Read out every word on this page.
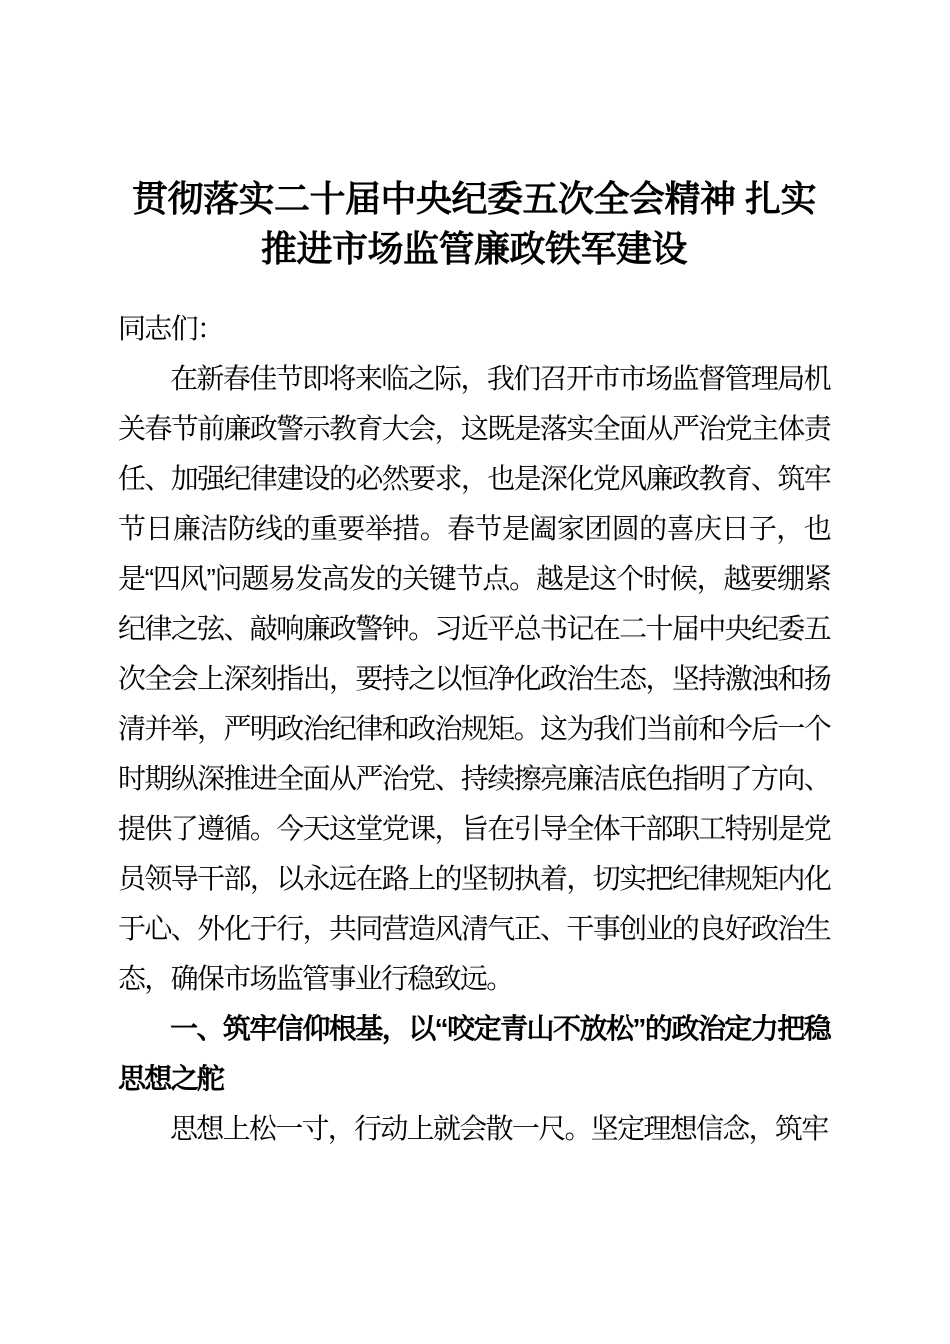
贯彻落实二十届中央纪委五次全会精神 扎实推进市场监管廉政铁军建设

同志们：

在新春佳节即将来临之际，我们召开市市场监督管理局机关春节前廉政警示教育大会，这既是落实全面从严治党主体责任、加强纪律建设的必然要求，也是深化党风廉政教育、筑牢节日廉洁防线的重要举措。春节是阖家团圆的喜庆日子，也是“四风”问题易发高发的关键节点。越是这个时候，越要绷紧纪律之弦、敲响廉政警钟。习近平总书记在二十届中央纪委五次全会上深刻指出，要持之以恒净化政治生态，坚持激浊和扬清并举，严明政治纪律和政治规矩。这为我们当前和今后一个时期纵深推进全面从严治党、持续擦亮廉洁底色指明了方向、提供了遵循。今天这堂党课，旨在引导全体干部职工特别是党员领导干部，以永远在路上的坚韧执着，切实把纪律规矩内化于心、外化于行，共同营造风清气正、干事创业的良好政治生态，确保市场监管事业行稳致远。

一、筑牢信仰根基，以“咬定青山不放松”的政治定力把稳思想之舵

思想上松一寸，行动上就会散一尺。坚定理想信念，筑牢
